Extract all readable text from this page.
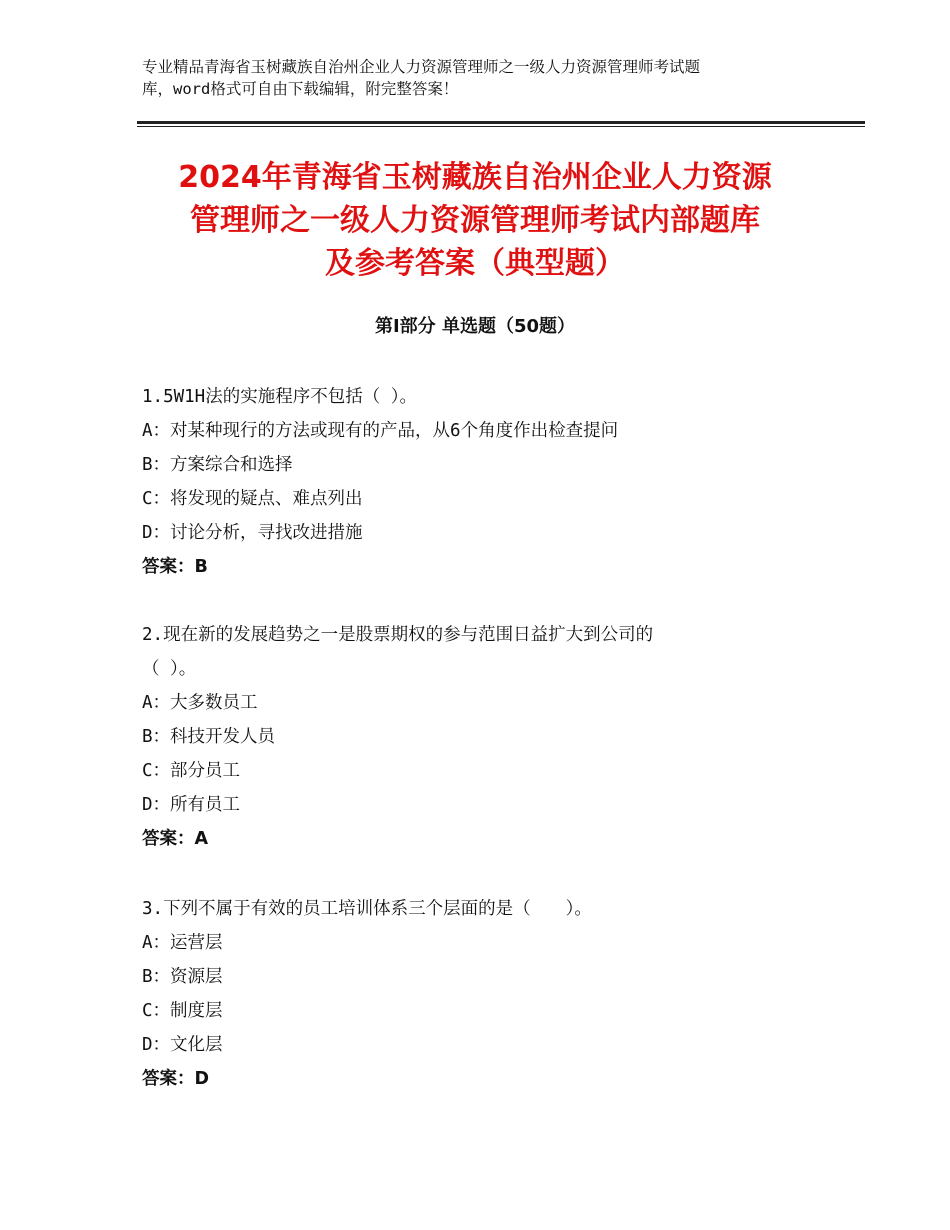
专业精品青海省玉树藏族自治州企业人力资源管理师之一级人力资源管理师考试题
库，word格式可自由下载编辑，附完整答案！
2024年青海省玉树藏族自治州企业人力资源
管理师之一级人力资源管理师考试内部题库
及参考答案（典型题）
第Ⅰ部分 单选题（50题）
1.5W1H法的实施程序不包括（ ）。
A：对某种现行的方法或现有的产品，从6个角度作出检查提问
B：方案综合和选择
C：将发现的疑点、难点列出
D：讨论分析，寻找改进措施
答案：B
2.现在新的发展趋势之一是股票期权的参与范围日益扩大到公司的
（ ）。
A：大多数员工
B：科技开发人员
C：部分员工
D：所有员工
答案：A
3.下列不属于有效的员工培训体系三个层面的是（　　）。
A：运营层
B：资源层
C：制度层
D：文化层
答案：D
